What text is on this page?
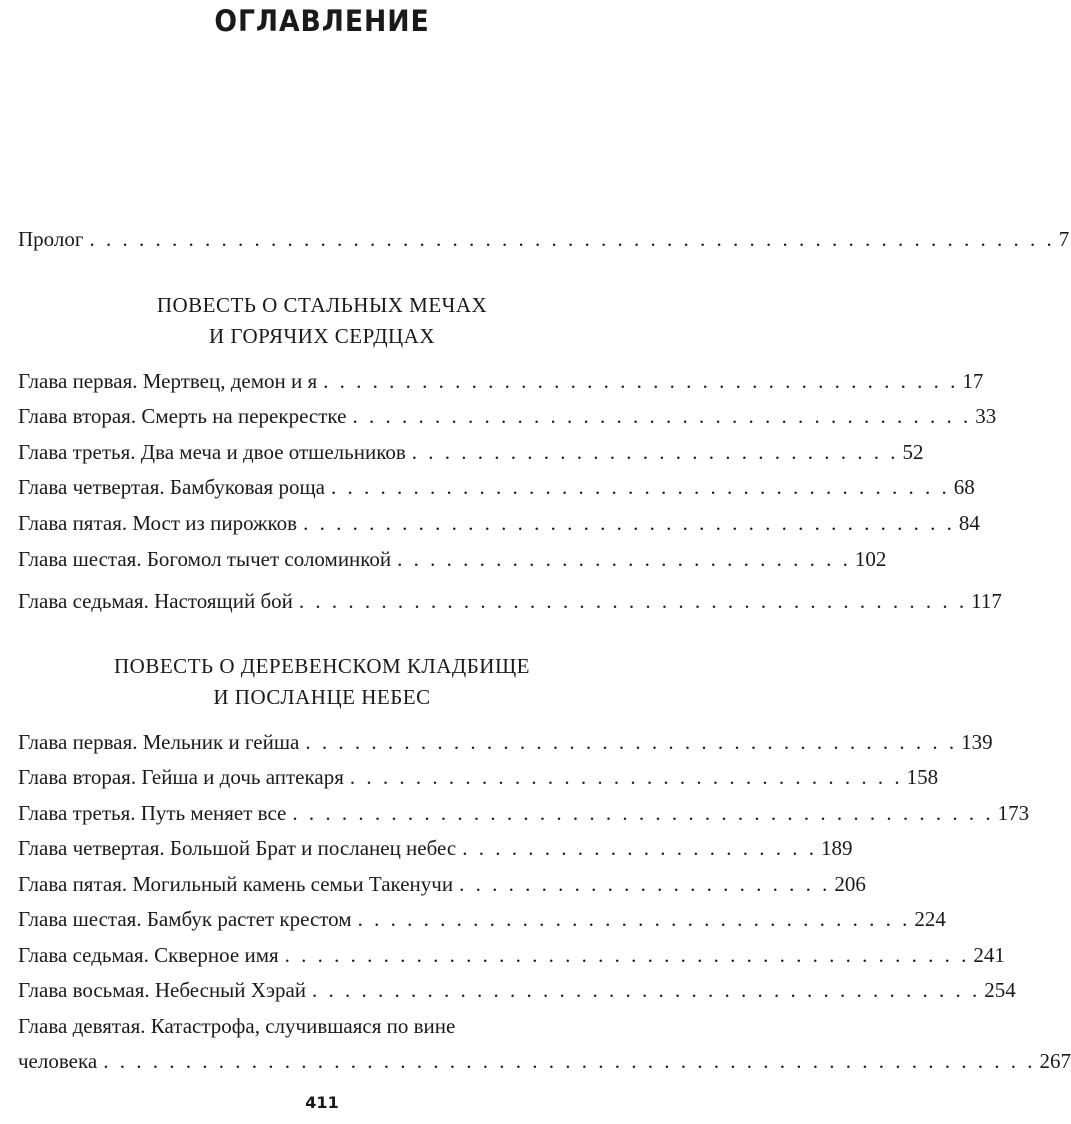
ОГЛАВЛЕНИЕ
Пролог . . . . . . . . . . . . . . . . . . . . . . . . . . . . . . . . . . . . . . . . . . . . . . . . . . . . . . . . . . . 7
ПОВЕСТЬ О СТАЛЬНЫХ МЕЧАХ
И ГОРЯЧИХ СЕРДЦАХ
Глава первая. Мертвец, демон и я . . . . . . . . . . . . . . . . . . . . . . . . . . . . . . . . . . . . . . . 17
Глава вторая. Смерть на перекрестке . . . . . . . . . . . . . . . . . . . . . . . . . . . . . . . . . . . . . . 33
Глава третья. Два меча и двое отшельников . . . . . . . . . . . . . . . . . . . . . . . . . . . . . . 52
Глава четвертая. Бамбуковая роща . . . . . . . . . . . . . . . . . . . . . . . . . . . . . . . . . . . . . . 68
Глава пятая. Мост из пирожков . . . . . . . . . . . . . . . . . . . . . . . . . . . . . . . . . . . . . . . . 84
Глава шестая. Богомол тычет соломинкой . . . . . . . . . . . . . . . . . . . . . . . . . . . . 102
Глава седьмая. Настоящий бой . . . . . . . . . . . . . . . . . . . . . . . . . . . . . . . . . . . . . . . . . 117
ПОВЕСТЬ О ДЕРЕВЕНСКОМ КЛАДБИЩЕ
И ПОСЛАНЦЕ НЕБЕС
Глава первая. Мельник и гейша . . . . . . . . . . . . . . . . . . . . . . . . . . . . . . . . . . . . . . . . 139
Глава вторая. Гейша и дочь аптекаря . . . . . . . . . . . . . . . . . . . . . . . . . . . . . . . . . . 158
Глава третья. Путь меняет все . . . . . . . . . . . . . . . . . . . . . . . . . . . . . . . . . . . . . . . . . . . 173
Глава четвертая. Большой Брат и посланец небес . . . . . . . . . . . . . . . . . . . . . . 189
Глава пятая. Могильный камень семьи Такенучи . . . . . . . . . . . . . . . . . . . . . . . 206
Глава шестая. Бамбук растет крестом . . . . . . . . . . . . . . . . . . . . . . . . . . . . . . . . . . 224
Глава седьмая. Скверное имя . . . . . . . . . . . . . . . . . . . . . . . . . . . . . . . . . . . . . . . . . . 241
Глава восьмая. Небесный Хэрай . . . . . . . . . . . . . . . . . . . . . . . . . . . . . . . . . . . . . . . . . 254
Глава девятая. Катастрофа, случившаяся по вине
человека . . . . . . . . . . . . . . . . . . . . . . . . . . . . . . . . . . . . . . . . . . . . . . . . . . . . . . . . . 267
411
